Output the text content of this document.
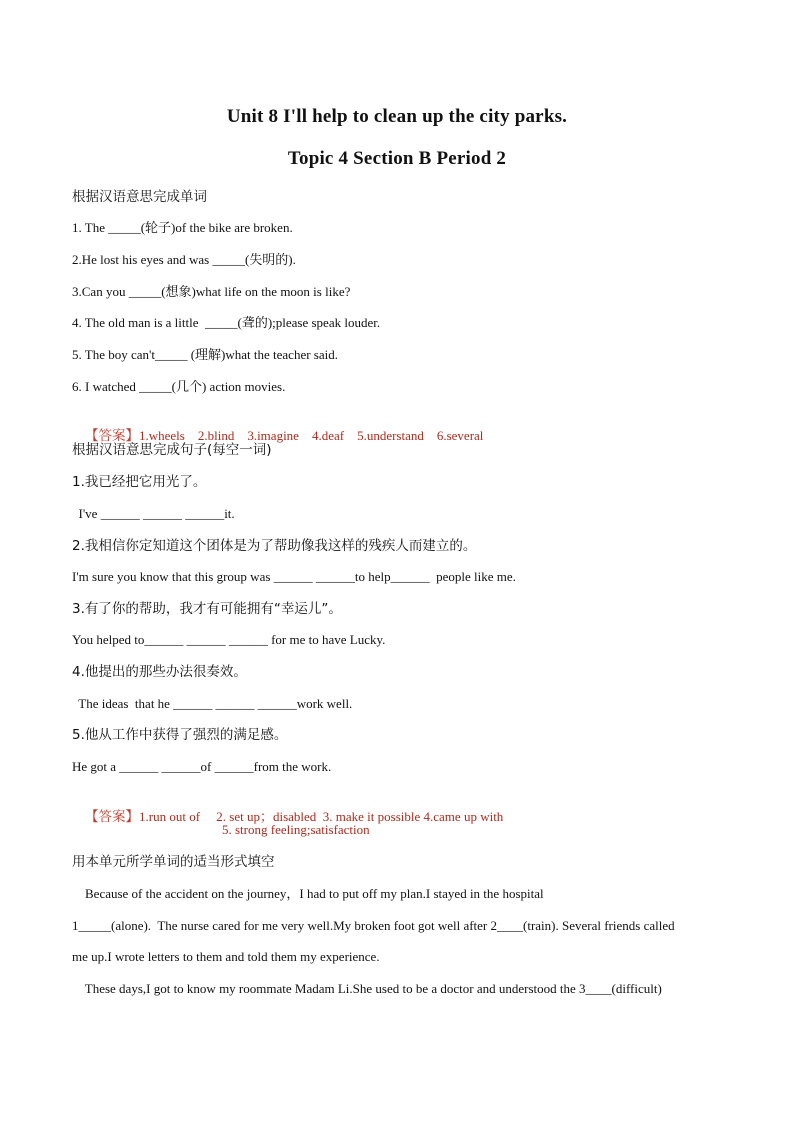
Unit 8 I'll help to clean up the city parks.
Topic 4 Section B Period 2
根据汉语意思完成单词
1. The _____(轮子)of the bike are broken.
2.He lost his eyes and was _____(失明的).
3.Can you _____(想象)what life on the moon is like?
4. The old man is a little  _____(聋的);please speak louder.
5. The boy can't_____ (理解)what the teacher said.
6. I watched _____(几个) action movies.

【答案】1.wheels    2.blind    3.imagine    4.deaf    5.understand    6.several

根据汉语意思完成句子(每空一词)
1.我已经把它用光了。
I've ______ ______ ______it.
2.我相信你定知道这个团体是为了帮助像我这样的残疾人而建立的。
I'm sure you know that this group was ______ ______to help______  people like me.
3.有了你的帮助，我才有可能拥有“幸运儿”。
You helped to______ ______ ______ for me to have Lucky.
4.他提出的那些办法很奏效。
The ideas  that he ______ ______ ______work well.
5.他从工作中获得了强烈的满足感。
He got a ______ ______of ______from the work.

【答案】1.run out of     2. set up；disabled  3. make it possible 4.came up with

5. strong feeling;satisfaction
用本单元所学单词的适当形式填空
Because of the accident on the journey，I had to put off my plan.I stayed in the hospital
1_____(alone).  The nurse cared for me very well.My broken foot got well after 2____(train). Several friends called
me up.I wrote letters to them and told them my experience.
These days,I got to know my roommate Madam Li.She used to be a doctor and understood the 3____(difficult)
